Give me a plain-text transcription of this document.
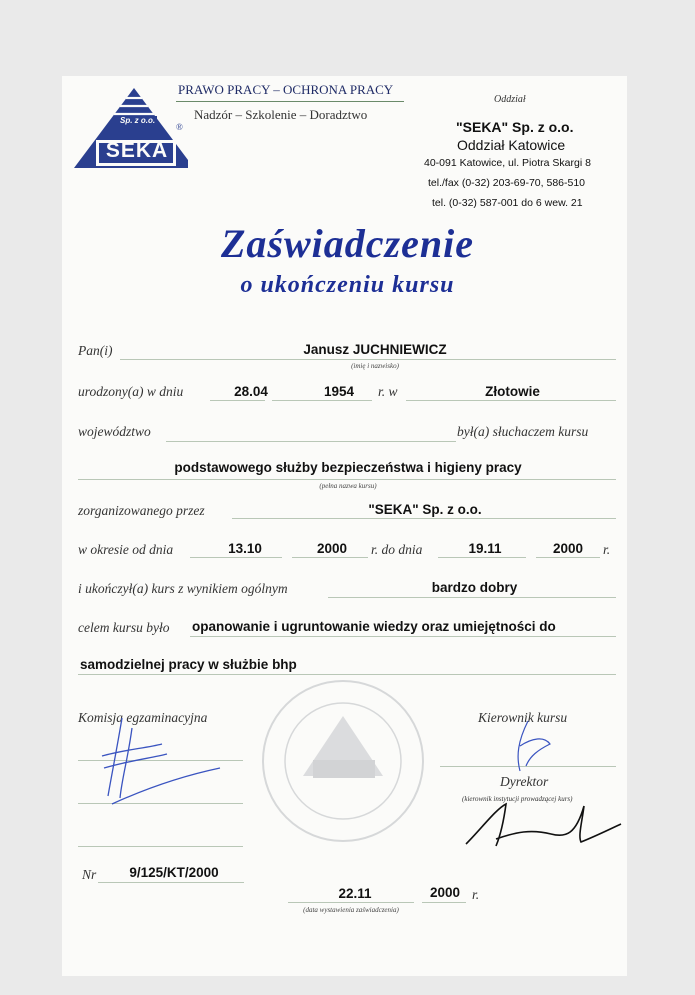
Sp. z o.o.
SEKA
®
PRAWO PRACY – OCHRONA PRACY
Nadzór – Szkolenie – Doradztwo
Oddział
"SEKA" Sp. z o.o.
Oddział Katowice
40-091 Katowice, ul. Piotra Skargi 8
tel./fax (0-32) 203-69-70, 586-510
tel. (0-32) 587-001 do 6 wew. 21
Zaświadczenie
o ukończeniu kursu
Pan(i)	Janusz JUCHNIEWICZ
(imię i nazwisko)
urodzony(a) w dniu	28.04	1954	r. w	Złotowie
województwo	był(a) słuchaczem kursu
podstawowego służby bezpieczeństwa i higieny pracy
(pełna nazwa kursu)
zorganizowanego przez	"SEKA" Sp. z o.o.
w okresie od dnia	13.10	2000	r. do dnia	19.11	2000	r.
i ukończył(a) kurs z wynikiem ogólnym	bardzo dobry
celem kursu było opanowanie i ugruntowanie wiedzy oraz umiejętności do
samodzielnej pracy w służbie bhp
Komisja egzaminacyjna	Kierownik kursu
Dyrektor
(kierownik instytucji prowadzącej kurs)
Nr	9/125/KT/2000
22.11	2000 r.
(data wystawienia zaświadczenia)
